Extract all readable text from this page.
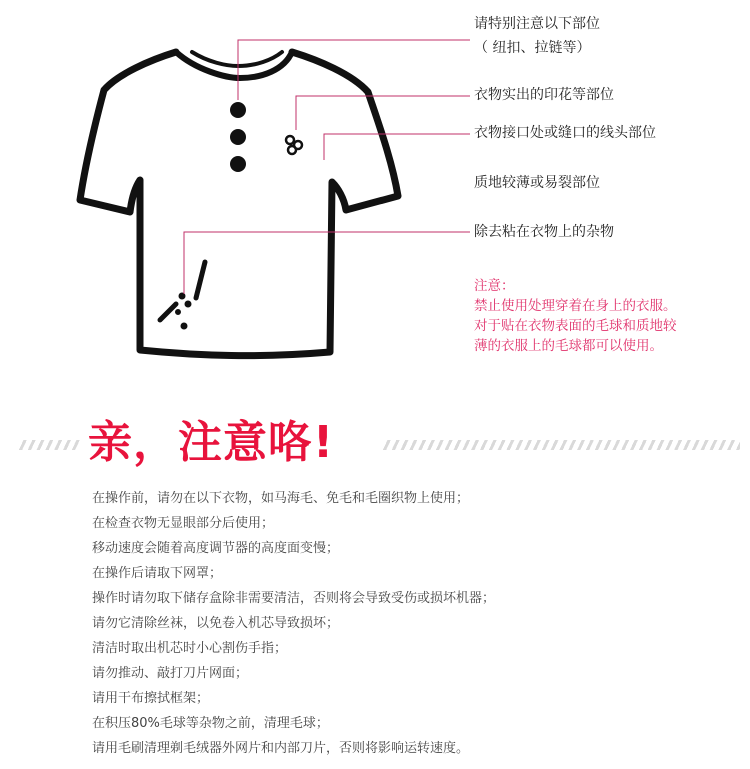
请特别注意以下部位
（ 纽扣、拉链等）
衣物实出的印花等部位
衣物接口处或缝口的线头部位
质地较薄或易裂部位
除去粘在衣物上的杂物
注意：
禁止使用处理穿着在身上的衣服。
对于贴在衣物表面的毛球和质地较
薄的衣服上的毛球都可以使用。
亲，注意咯!
在操作前，请勿在以下衣物，如马海毛、免毛和毛圈织物上使用；
在检查衣物无显眼部分后使用；
移动速度会随着高度调节器的高度面变慢；
在操作后请取下网罩；
操作时请勿取下储存盒除非需要清洁，否则将会导致受伤或损坏机器；
请勿它清除丝袜，以免卷入机芯导致损坏；
清洁时取出机芯时小心割伤手指；
请勿推动、敲打刀片网面；
请用干布擦拭框架；
在积压80%毛球等杂物之前，清理毛球；
请用毛刷清理剃毛绒器外网片和内部刀片，否则将影响运转速度。
